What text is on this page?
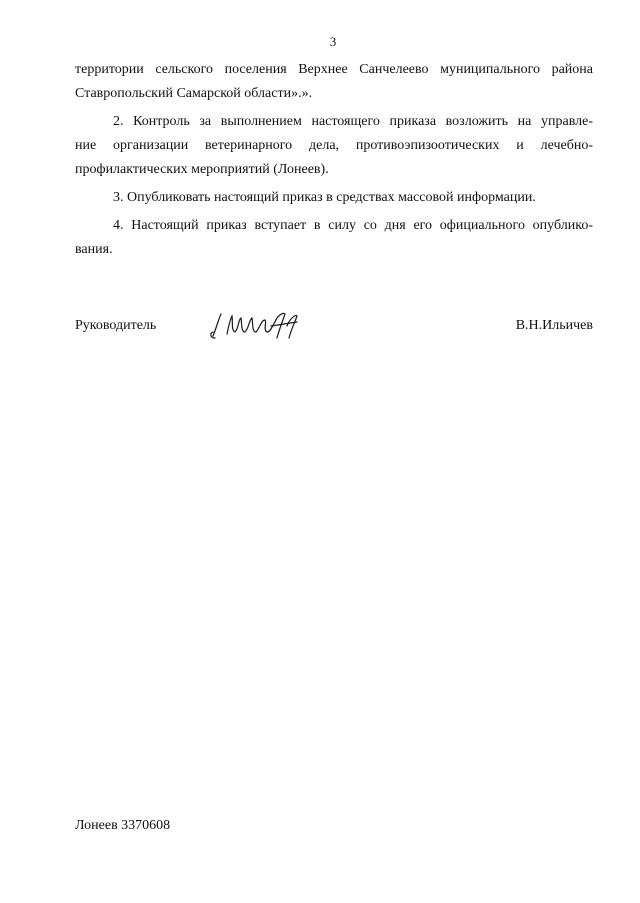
3

территории сельского поселения Верхнее Санчелеево муниципального района
Ставропольский Самарской области».».

2. Контроль за выполнением настоящего приказа возложить на управле-

ние организации ветеринарного дела, противоэпизоотических и лечебно-
профилактических мероприятий (Лонеев).

3. Опубликовать настоящий приказ в средствах массовой информации.

4. Настоящий приказ вступает в силу со дня его официального опублико-

вания.

Руководитель	В.Н.Ильичев
Лонеев 3370608
